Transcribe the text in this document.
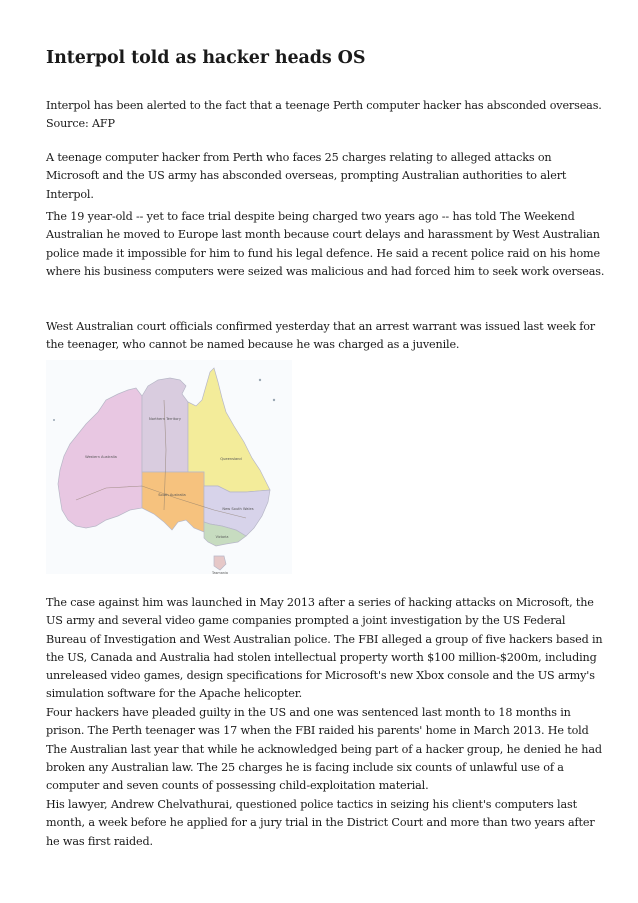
Interpol told as hacker heads OS

Interpol has been alerted to the fact that a teenage Perth computer hacker has absconded overseas.
Source: AFP

A teenage computer hacker from Perth who faces 25 charges relating to alleged attacks on
Microsoft and the US army has absconded overseas, prompting Australian authorities to alert
Interpol.

The 19 year-old -- yet to face trial despite being charged two years ago -- has told The Weekend
Australian he moved to Europe last month because court delays and harassment by West Australian
police made it impossible for him to fund his legal defence. He said a recent police raid on his home
where his business computers were seized was malicious and had forced him to seek work overseas.

West Australian court officials confirmed yesterday that an arrest warrant was issued last week for
the teenager, who cannot be named because he was charged as a juvenile.

Western Australia
Northern Territory
Queensland
South Australia
New South Wales
Victoria
Tasmania

The case against him was launched in May 2013 after a series of hacking attacks on Microsoft, the
US army and several video game companies prompted a joint investigation by the US Federal
Bureau of Investigation and West Australian police. The FBI alleged a group of five hackers based in
the US, Canada and Australia had stolen intellectual property worth $100 million-$200m, including
unreleased video games, design specifications for Microsoft's new Xbox console and the US army's
simulation software for the Apache helicopter.

Four hackers have pleaded guilty in the US and one was sentenced last month to 18 months in
prison. The Perth teenager was 17 when the FBI raided his parents' home in March 2013. He told
The Australian last year that while he acknowledged being part of a hacker group, he denied he had
broken any Australian law. The 25 charges he is facing include six counts of unlawful use of a
computer and seven counts of possessing child-exploitation material.

His lawyer, Andrew Chelvathurai, questioned police tactics in seizing his client's computers last
month, a week before he applied for a jury trial in the District Court and more than two years after
he was first raided.
